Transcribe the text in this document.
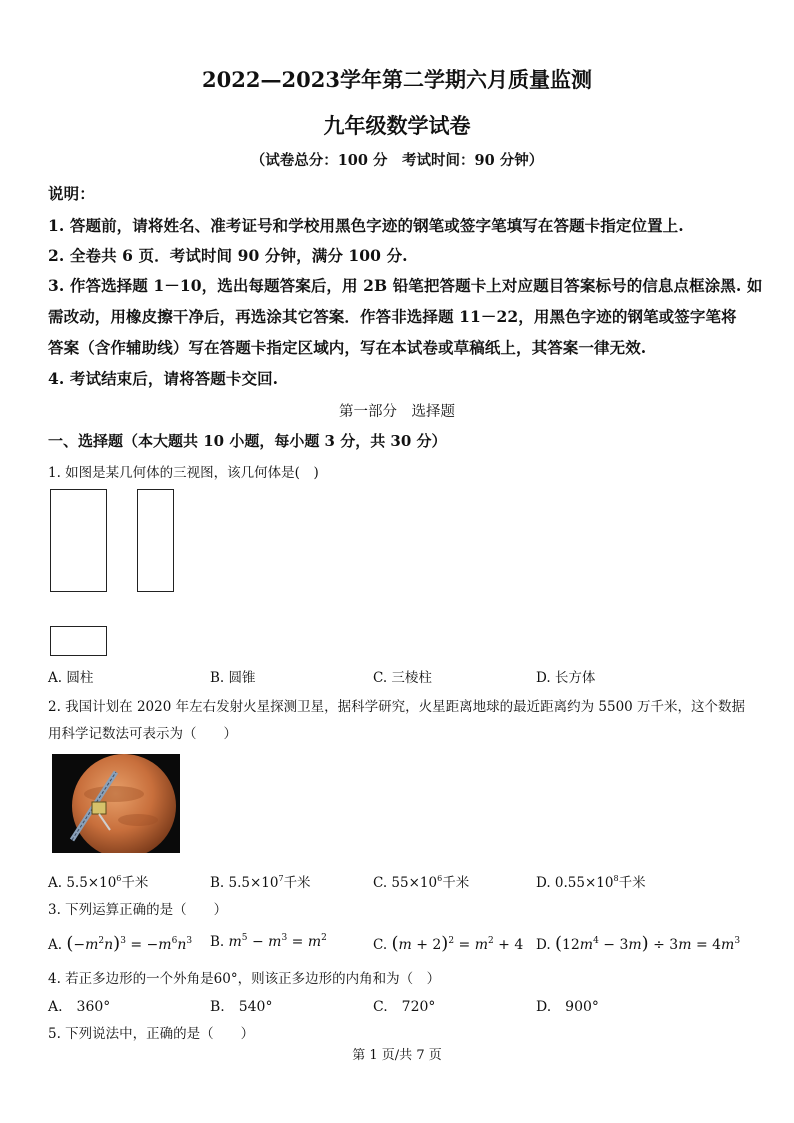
2022—2023学年第二学期六月质量监测
九年级数学试卷
（试卷总分：100 分　考试时间：90 分钟）
说明：
1. 答题前，请将姓名、准考证号和学校用黑色字迹的钢笔或签字笔填写在答题卡指定位置上.
2. 全卷共 6 页．考试时间 90 分钟，满分 100 分.
3. 作答选择题 1－10，选出每题答案后，用 2B 铅笔把答题卡上对应题目答案标号的信息点框涂黑. 如
需改动，用橡皮擦干净后，再选涂其它答案．作答非选择题 11－22，用黑色字迹的钢笔或签字笔将
答案（含作辅助线）写在答题卡指定区域内，写在本试卷或草稿纸上，其答案一律无效.
4. 考试结束后，请将答题卡交回.
第一部分　选择题
一、选择题（本大题共 10 小题，每小题 3 分，共 30 分）
1. 如图是某几何体的三视图，该几何体是(　)
A. 圆柱	B. 圆锥	C. 三棱柱	D. 长方体
2. 我国计划在 2020 年左右发射火星探测卫星，据科学研究，火星距离地球的最近距离约为 5500 万千米，这个数据
用科学记数法可表示为（　　）
A. $5.5\times 10^6$千米	B. $5.5\times 10^7$千米	C. $55\times 10^6$千米	D. $0.55\times 10^8$千米
3. 下列运算正确的是（　　）
A. $(-m^2n)^3 = -m^6n^3$ B. $m^5 - m^3 = m^2$	C. $(m + 2)^2 = m^2 + 4$ D. $(12m^4 - 3m) \div 3m = 4m^3$
4. 若正多边形的一个外角是60°，则该正多边形的内角和为（　）
A.　360°	B.　540°	C.　720°	D.　900°
5. 下列说法中，正确的是（　　）
第 1 页/共 7 页
